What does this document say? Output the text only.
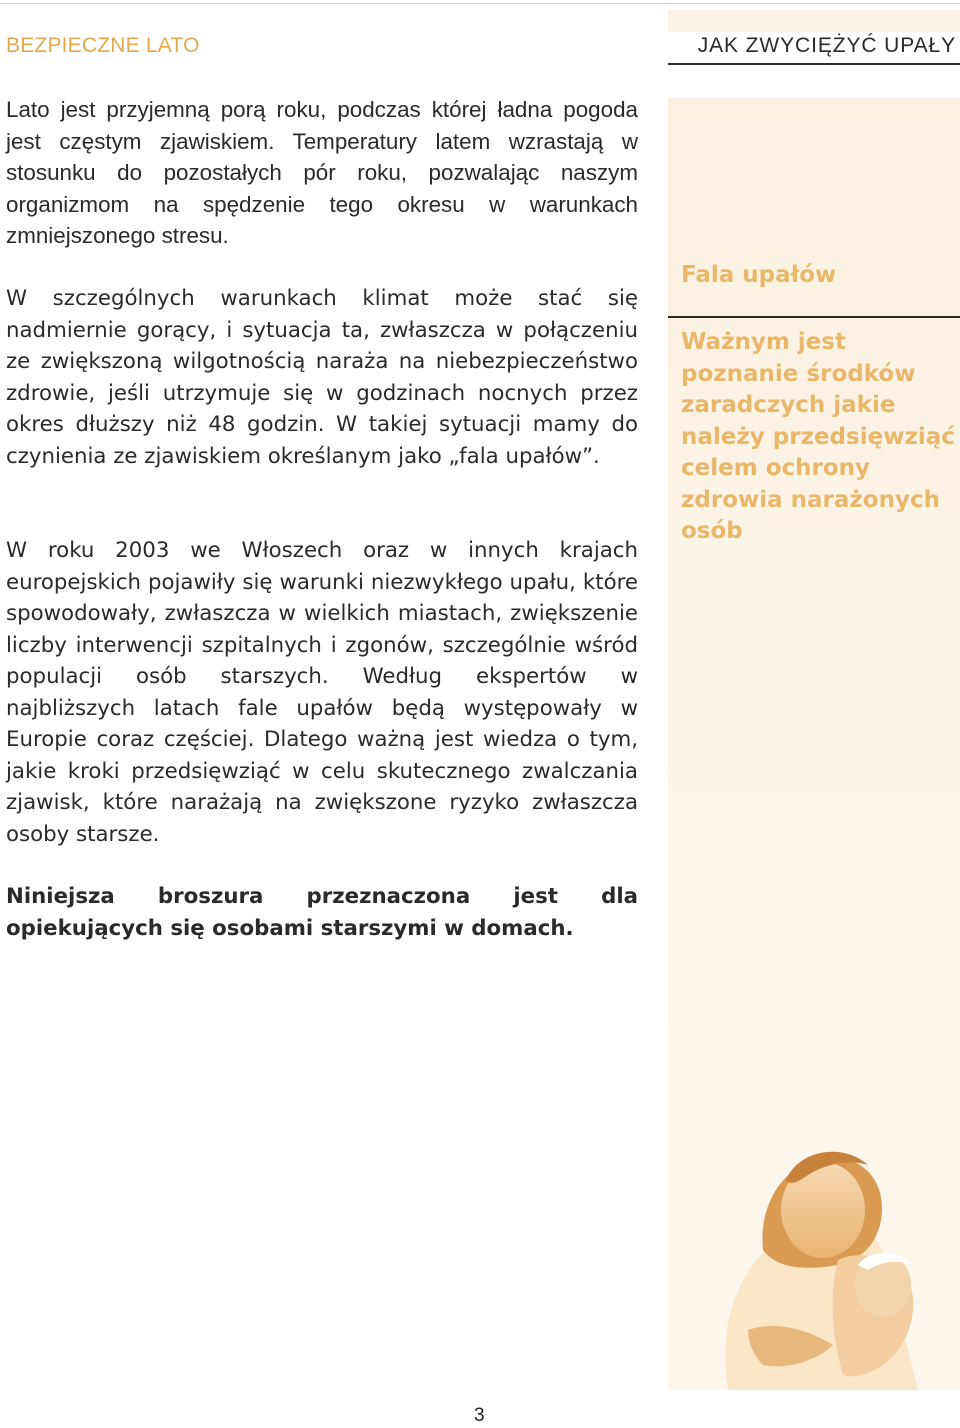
BEZPIECZNE LATO	JAK ZWYCIĘŻYĆ UPAŁY
Fala upałów
Ważnym jest poznanie środków zaradczych jakie należy przedsięwziąć celem ochrony zdrowia narażonych osób
Lato jest przyjemną porą roku, podczas której ładna pogoda jest częstym zjawiskiem. Temperatury latem wzrastają w stosunku do pozostałych pór roku, pozwalając naszym organizmom na spędzenie tego okresu w warunkach zmniejszonego stresu.
W szczególnych warunkach klimat może stać się nadmiernie gorący, i sytuacja ta, zwłaszcza w połączeniu ze zwiększoną wilgotnością naraża na niebezpieczeństwo zdrowie, jeśli utrzymuje się w godzinach nocnych przez okres dłuższy niż 48 godzin. W takiej sytuacji mamy do czynienia ze zjawiskiem określanym jako „fala upałów”.
W roku 2003 we Włoszech oraz w innych krajach europejskich pojawiły się warunki niezwykłego upału, które spowodowały, zwłaszcza w wielkich miastach, zwiększenie liczby interwencji szpitalnych i zgonów, szczególnie wśród populacji osób starszych. Według ekspertów w najbliższych latach fale upałów będą występowały w Europie coraz częściej. Dlatego ważną jest wiedza o tym, jakie kroki przedsięwziąć w celu skutecznego zwalczania zjawisk, które narażają na zwiększone ryzyko zwłaszcza osoby starsze.
Niniejsza broszura przeznaczona jest dla opiekujących się osobami starszymi w domach.
3
